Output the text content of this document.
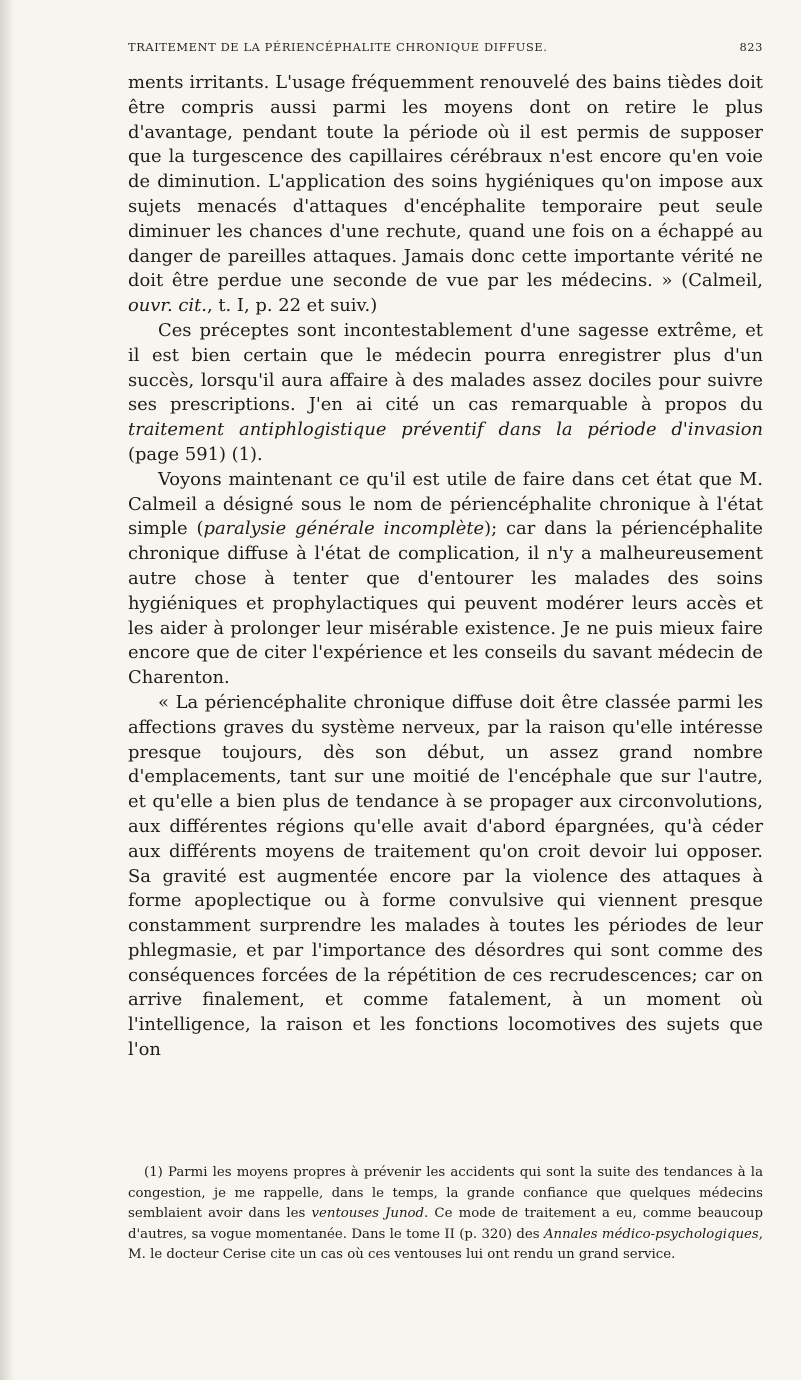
TRAITEMENT DE LA PÉRIENCÉPHALITE CHRONIQUE DIFFUSE.	823

ments irritants. L'usage fréquemment renouvelé des bains tièdes doit être compris aussi parmi les moyens dont on retire le plus d'avantage, pendant toute la période où il est permis de supposer que la turgescence des capillaires cérébraux n'est encore qu'en voie de diminution. L'application des soins hygiéniques qu'on impose aux sujets menacés d'attaques d'encéphalite temporaire peut seule diminuer les chances d'une rechute, quand une fois on a échappé au danger de pareilles attaques. Jamais donc cette importante vérité ne doit être perdue une seconde de vue par les médecins. » (Calmeil, ouvr. cit., t. I, p. 22 et suiv.)

Ces préceptes sont incontestablement d'une sagesse extrême, et il est bien certain que le médecin pourra enregistrer plus d'un succès, lorsqu'il aura affaire à des malades assez dociles pour suivre ses prescriptions. J'en ai cité un cas remarquable à propos du traitement antiphlogistique préventif dans la période d'invasion (page 591) (1).

Voyons maintenant ce qu'il est utile de faire dans cet état que M. Calmeil a désigné sous le nom de périencéphalite chronique à l'état simple (paralysie générale incomplète); car dans la périencéphalite chronique diffuse à l'état de complication, il n'y a malheureusement autre chose à tenter que d'entourer les malades des soins hygiéniques et prophylactiques qui peuvent modérer leurs accès et les aider à prolonger leur misérable existence. Je ne puis mieux faire encore que de citer l'expérience et les conseils du savant médecin de Charenton.

« La périencéphalite chronique diffuse doit être classée parmi les affections graves du système nerveux, par la raison qu'elle intéresse presque toujours, dès son début, un assez grand nombre d'emplacements, tant sur une moitié de l'encéphale que sur l'autre, et qu'elle a bien plus de tendance à se propager aux circonvolutions, aux différentes régions qu'elle avait d'abord épargnées, qu'à céder aux différents moyens de traitement qu'on croit devoir lui opposer. Sa gravité est augmentée encore par la violence des attaques à forme apoplectique ou à forme convulsive qui viennent presque constamment surprendre les malades à toutes les périodes de leur phlegmasie, et par l'importance des désordres qui sont comme des conséquences forcées de la répétition de ces recrudescences; car on arrive finalement, et comme fatalement, à un moment où l'intelligence, la raison et les fonctions locomotives des sujets que l'on

(1) Parmi les moyens propres à prévenir les accidents qui sont la suite des tendances à la congestion, je me rappelle, dans le temps, la grande confiance que quelques médecins semblaient avoir dans les ventouses Junod. Ce mode de traitement a eu, comme beaucoup d'autres, sa vogue momentanée. Dans le tome II (p. 320) des Annales médico-psychologiques, M. le docteur Cerise cite un cas où ces ventouses lui ont rendu un grand service.
